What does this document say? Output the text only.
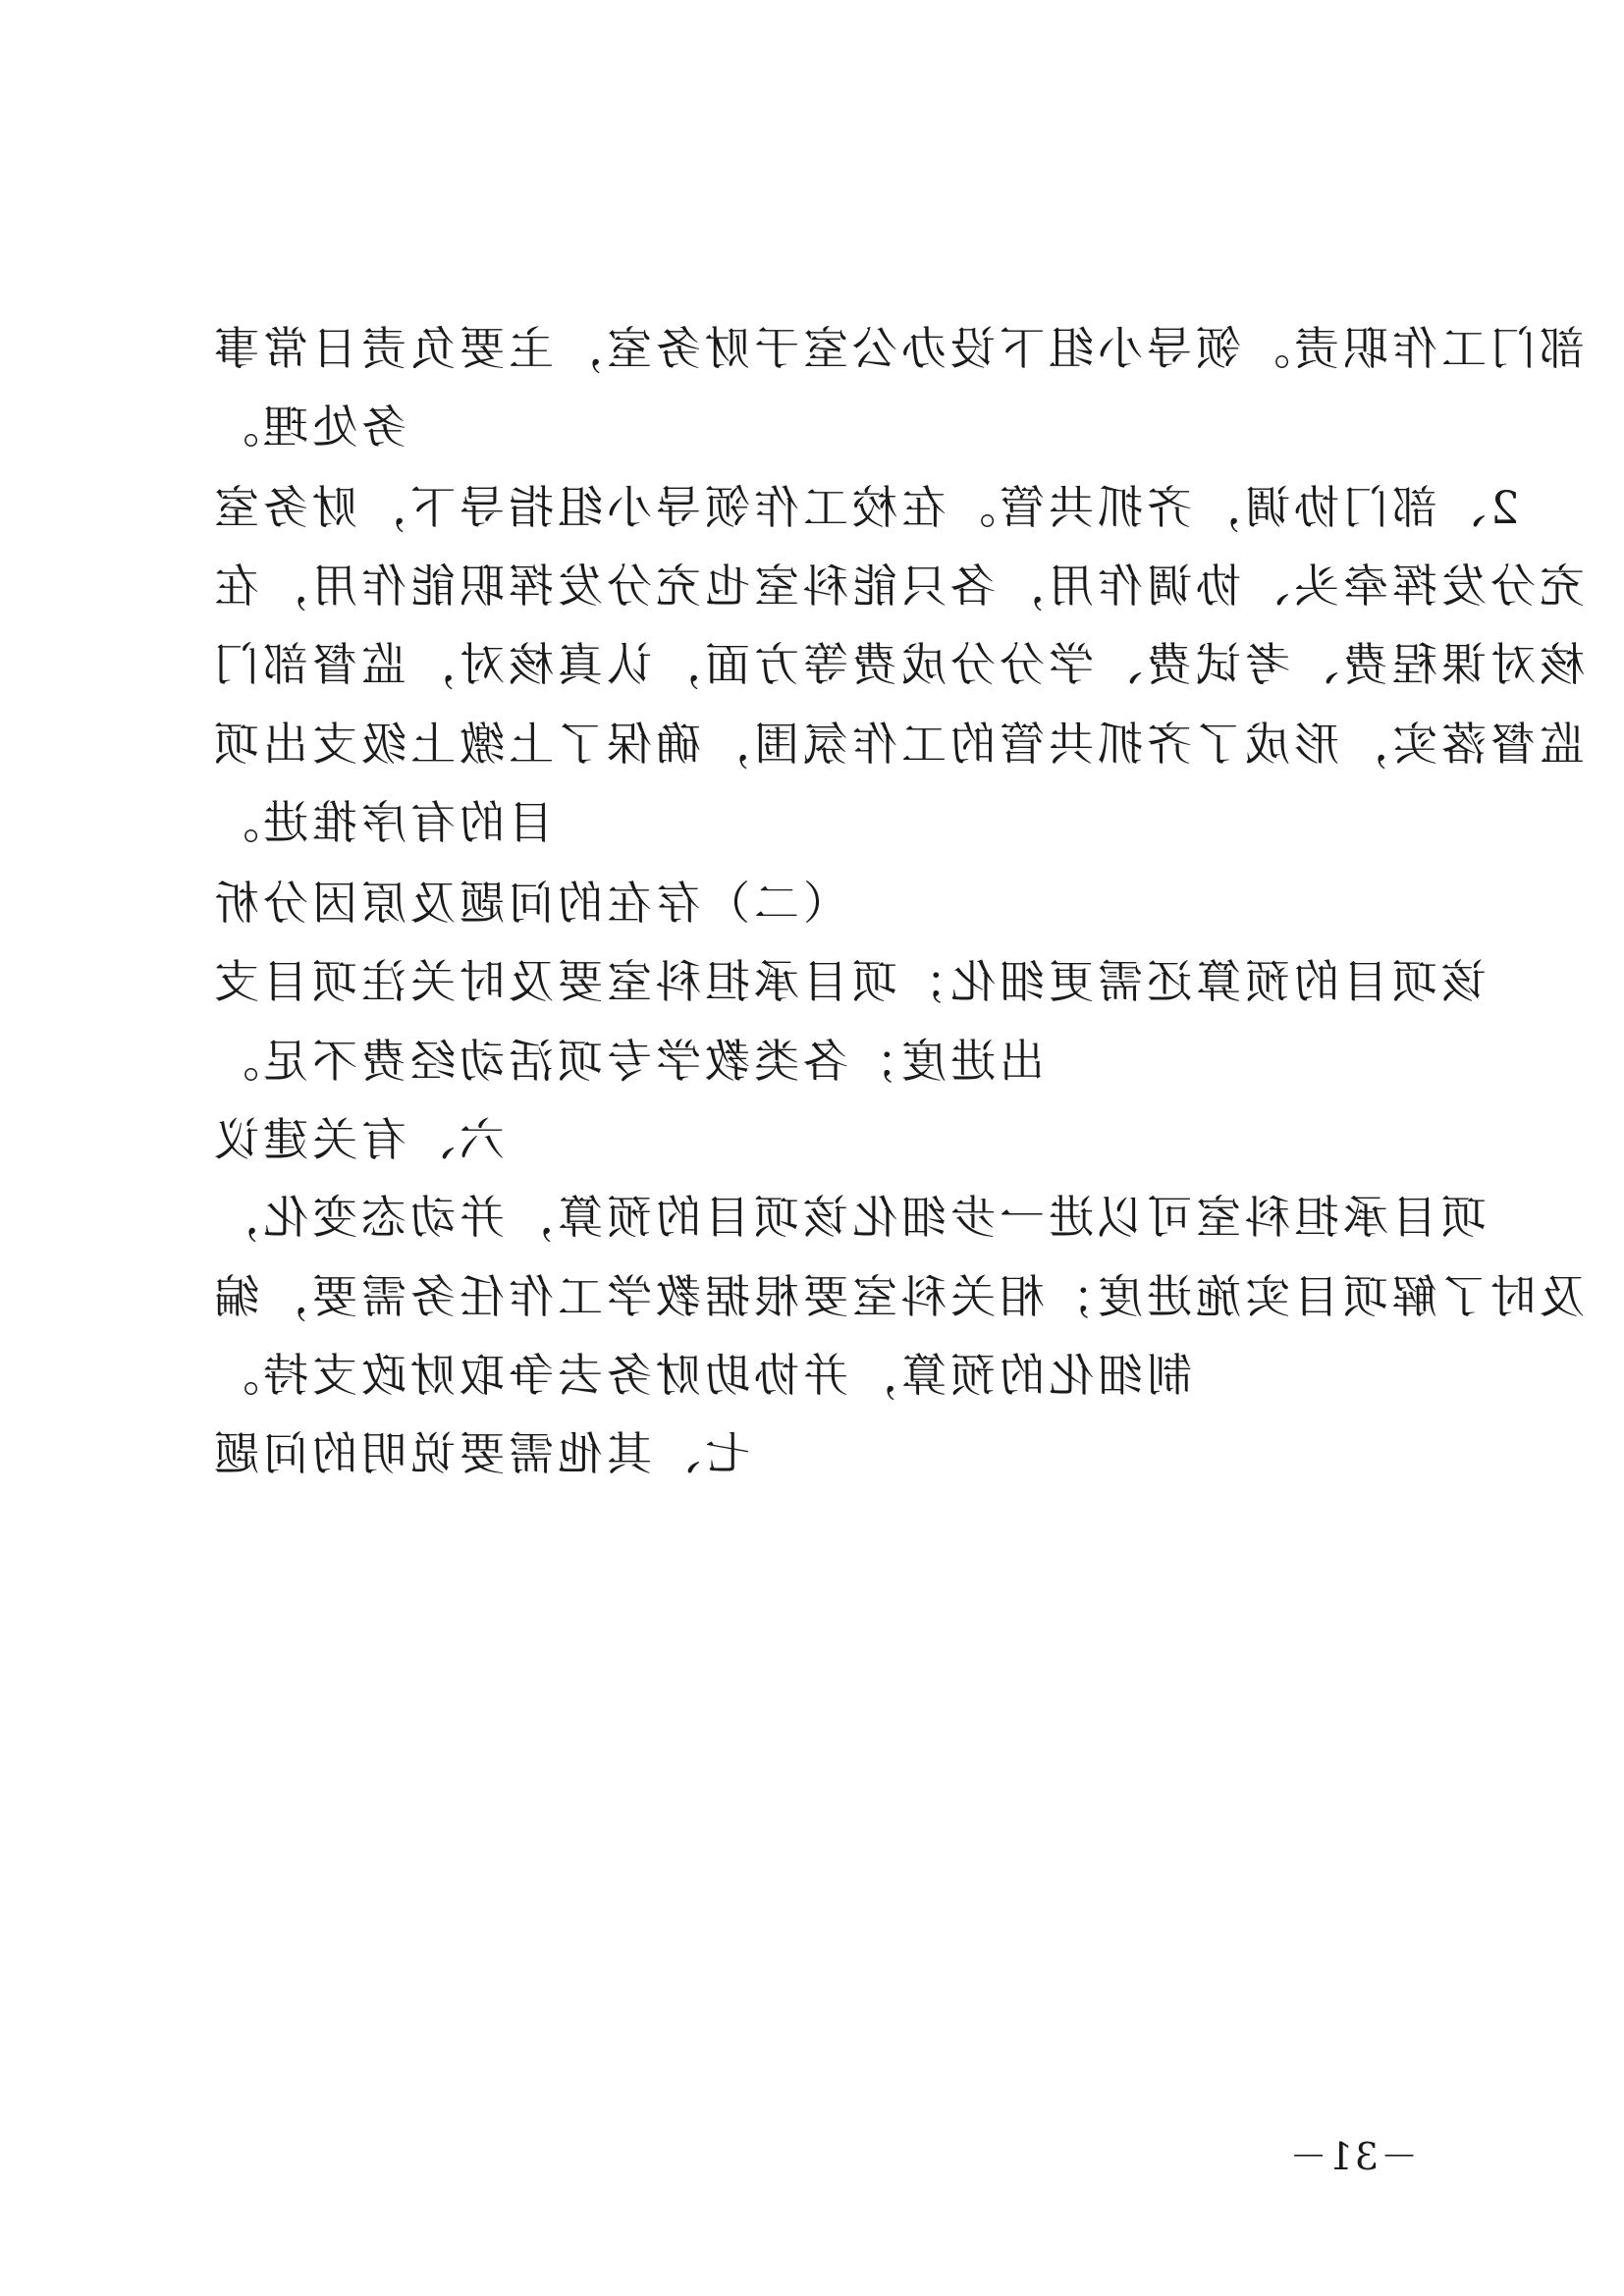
部门工作职责。领导小组下设办公室于财务室，主要负责日常事
务处理。
2、部门协调，齐抓共管。在校工作领导小组指导下，财务室
充分发挥牵头、协调作用，各只能科室也充分发挥职能作用，在
核对课程费、考试费、学分分成费等方面，认真核对，监督部门
监督落实，形成了齐抓共管的工作氛围，确保了上缴上级支出项
目的有序推进。
（二）存在的问题及原因分析
该项目的预算还需更细化；项目承担科室要及时关注项目支
出进度；各类教学专项活动经费不足。
六、有关建议
项目承担科室可以进一步细化该项目的预算，并动态变化，
及时了解项目实施进度；相关科室要根据教学工作任务需要，编
制细化的预算，并协助财务去争取财政支持。
七、其他需要说明的问题
－31－
